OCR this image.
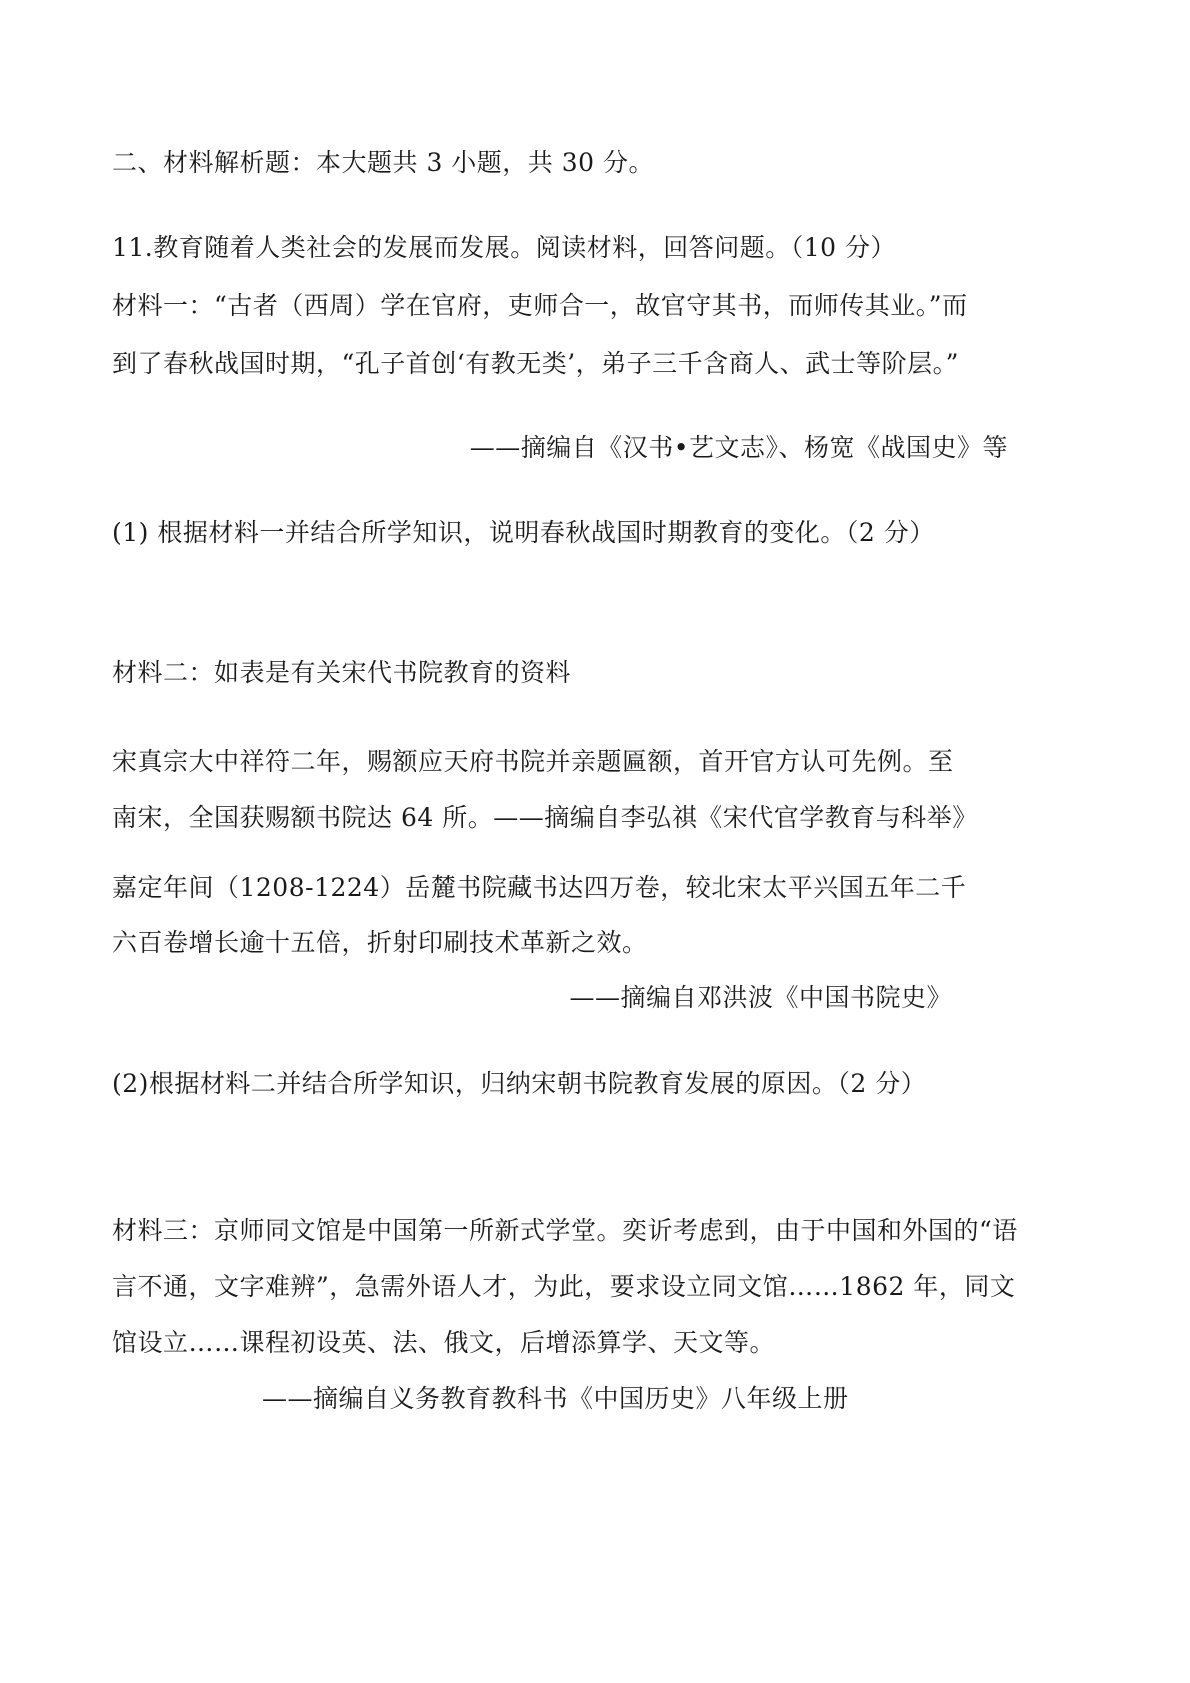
二、材料解析题：本大题共 3 小题，共 30 分。
11.教育随着人类社会的发展而发展。阅读材料，回答问题。（10 分）
材料一：“古者（西周）学在官府，吏师合一，故官守其书，而师传其业。”而
到了春秋战国时期，“孔子首创‘有教无类’，弟子三千含商人、武士等阶层。”
——摘编自《汉书•艺文志》、杨宽《战国史》等
(1) 根据材料一并结合所学知识，说明春秋战国时期教育的变化。（2 分）
材料二：如表是有关宋代书院教育的资料
宋真宗大中祥符二年，赐额应天府书院并亲题匾额，首开官方认可先例。至
南宋，全国获赐额书院达 64 所。——摘编自李弘祺《宋代官学教育与科举》
嘉定年间（1208-1224）岳麓书院藏书达四万卷，较北宋太平兴国五年二千
六百卷增长逾十五倍，折射印刷技术革新之效。
——摘编自邓洪波《中国书院史》
(2)根据材料二并结合所学知识，归纳宋朝书院教育发展的原因。（2 分）
材料三：京师同文馆是中国第一所新式学堂。奕䜣考虑到，由于中国和外国的“语
言不通，文字难辨”，急需外语人才，为此，要求设立同文馆……1862 年，同文
馆设立……课程初设英、法、俄文，后增添算学、天文等。
——摘编自义务教育教科书《中国历史》八年级上册
